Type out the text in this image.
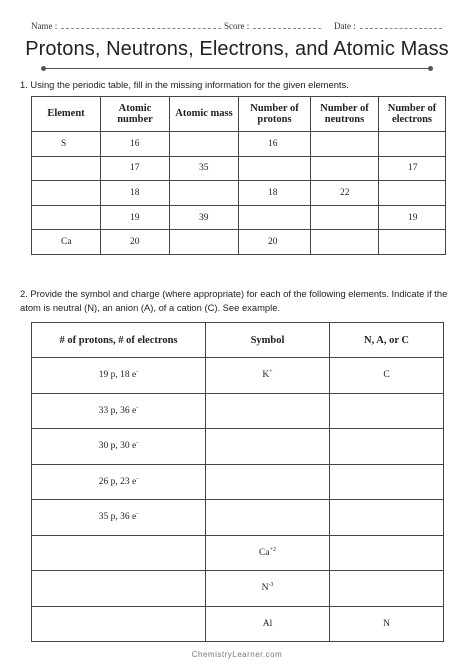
Name :	Score :	Date :
Protons, Neutrons, Electrons, and Atomic Mass
1. Using the periodic table, fill in the missing information for the given elements.
Element	Atomic number	Atomic mass	Number of protons	Number of neutrons	Number of electrons
S	16		16		
	17	35			17
	18		18	22	
	19	39			19
Ca	20		20		
2. Provide the symbol and charge (where appropriate) for each of the following elements. Indicate if the atom is neutral (N), an anion (A), of a cation (C). See example.
# of protons, # of electrons	Symbol	N, A, or C
19 p, 18 e-	K+	C
33 p, 36 e-		
30 p, 30 e-		
26 p, 23 e-		
35 p, 36 e-		
	$Ca^{+2}$	
	$N^{-3}$	
	Al	N
ChemistryLearner.com
